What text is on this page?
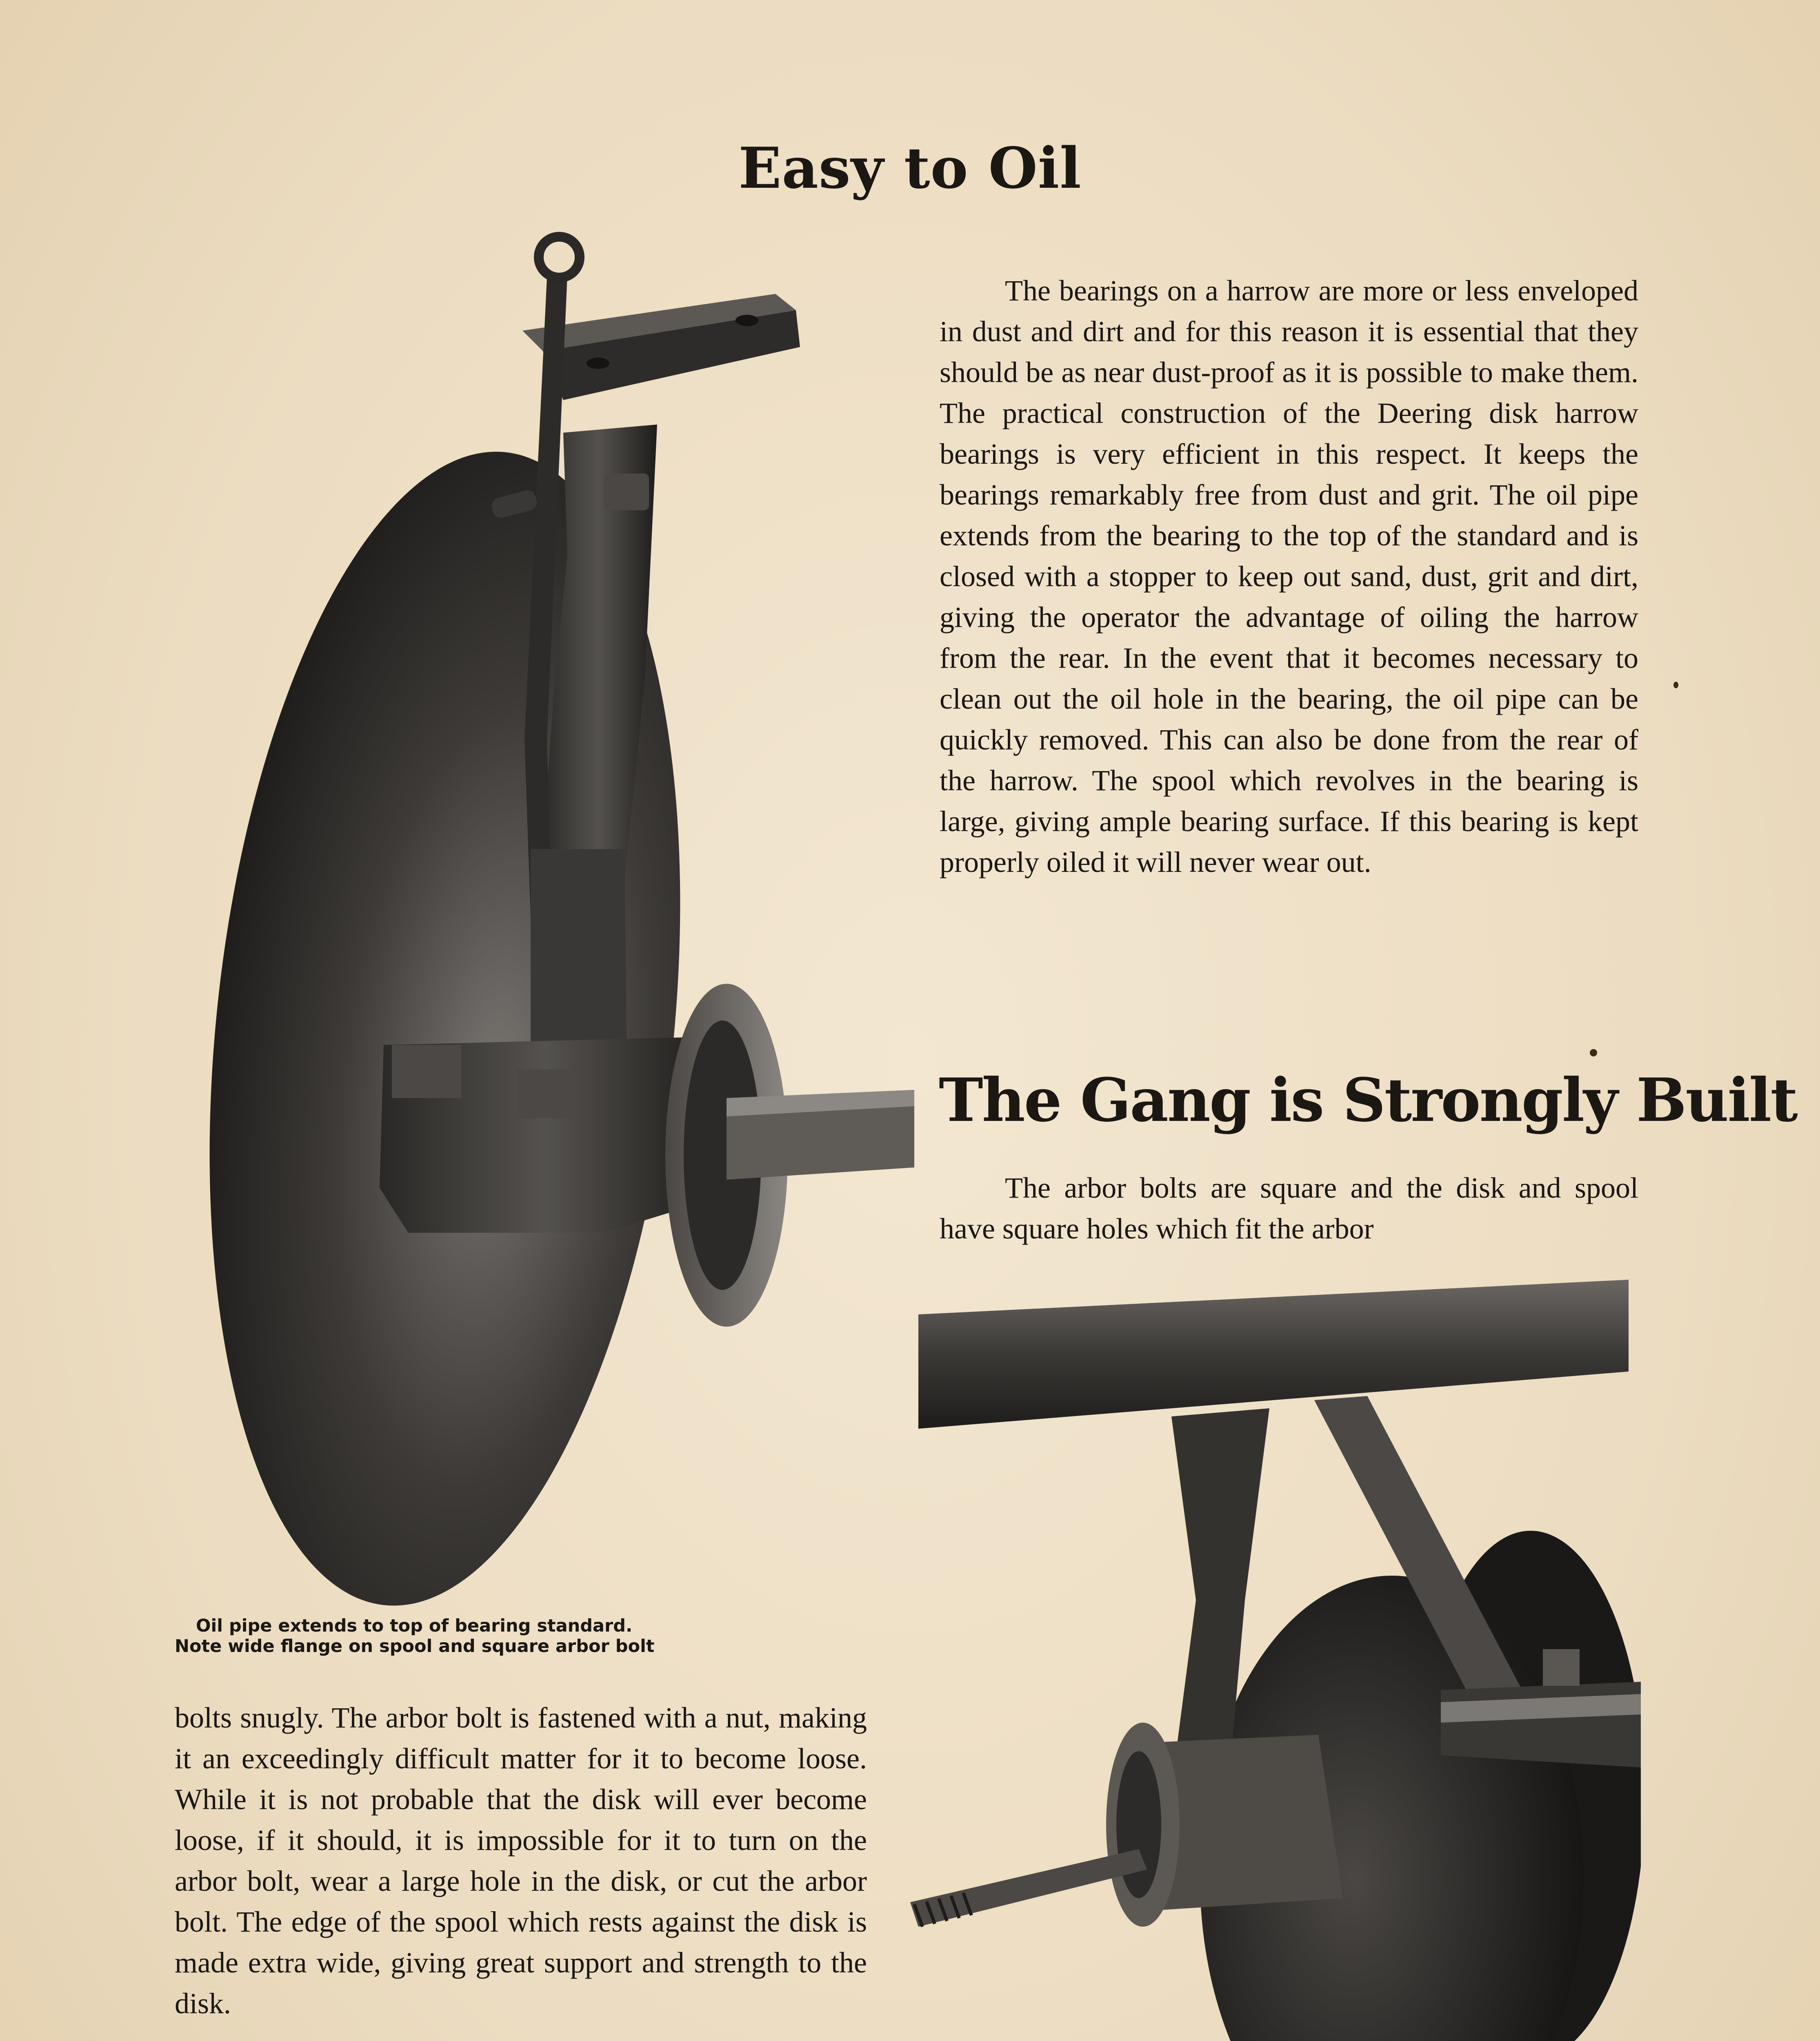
Easy to Oil

The bearings on a harrow are more or less enveloped in dust and dirt and for this reason it is essential that they should be as near dust-proof as it is possible to make them. The practical construction of the Deering disk harrow bearings is very efficient in this respect. It keeps the bearings remarkably free from dust and grit. The oil pipe extends from the bearing to the top of the standard and is closed with a stopper to keep out sand, dust, grit and dirt, giving the operator the advantage of oiling the harrow from the rear. In the event that it becomes necessary to clean out the oil hole in the bearing, the oil pipe can be quickly removed. This can also be done from the rear of the harrow. The spool which revolves in the bearing is large, giving ample bearing surface. If this bearing is kept properly oiled it will never wear out.

The Gang is Strongly Built

The arbor bolts are square and the disk and spool have square holes which fit the arbor

Oil pipe extends to top of bearing standard.
Note wide flange on spool and square arbor bolt

bolts snugly. The arbor bolt is fastened with a nut, making it an exceedingly difficult matter for it to become loose. While it is not probable that the disk will ever become loose, if it should, it is impossible for it to turn on the arbor bolt, wear a large hole in the disk, or cut the arbor bolt. The edge of the spool which rests against the disk is made extra wide, giving great support and strength to the disk.
